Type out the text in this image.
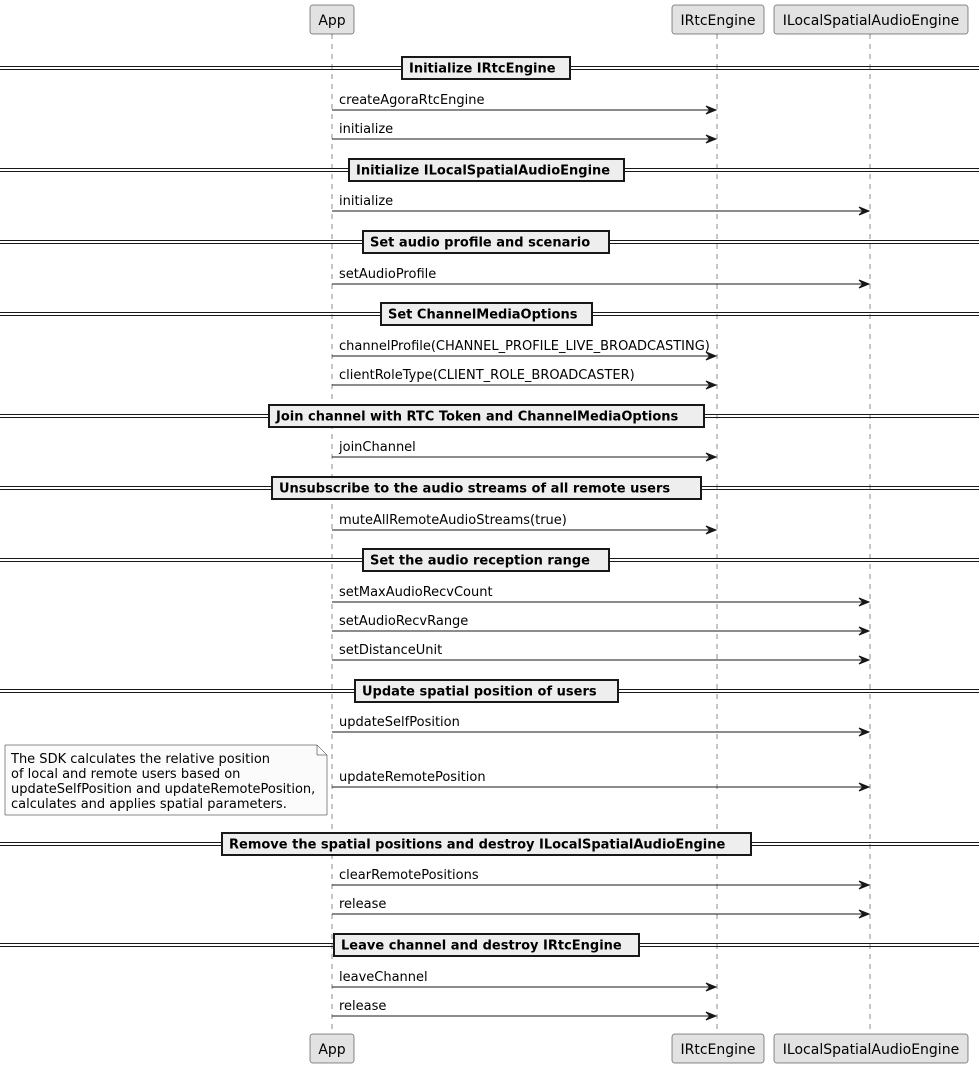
App
App
IRtcEngine
IRtcEngine
ILocalSpatialAudioEngine
ILocalSpatialAudioEngine
Initialize IRtcEngine
createAgoraRtcEngine
initialize
Initialize ILocalSpatialAudioEngine
initialize
Set audio profile and scenario
setAudioProfile
Set ChannelMediaOptions
channelProfile(CHANNEL_PROFILE_LIVE_BROADCASTING)
clientRoleType(CLIENT_ROLE_BROADCASTER)
Join channel with RTC Token and ChannelMediaOptions
joinChannel
Unsubscribe to the audio streams of all remote users
muteAllRemoteAudioStreams(true)
Set the audio reception range
setMaxAudioRecvCount
setAudioRecvRange
setDistanceUnit
Update spatial position of users
updateSelfPosition
updateRemotePosition
The SDK calculates the relative position
of local and remote users based on
updateSelfPosition and updateRemotePosition,
calculates and applies spatial parameters.
Remove the spatial positions and destroy ILocalSpatialAudioEngine
clearRemotePositions
release
Leave channel and destroy IRtcEngine
leaveChannel
release
